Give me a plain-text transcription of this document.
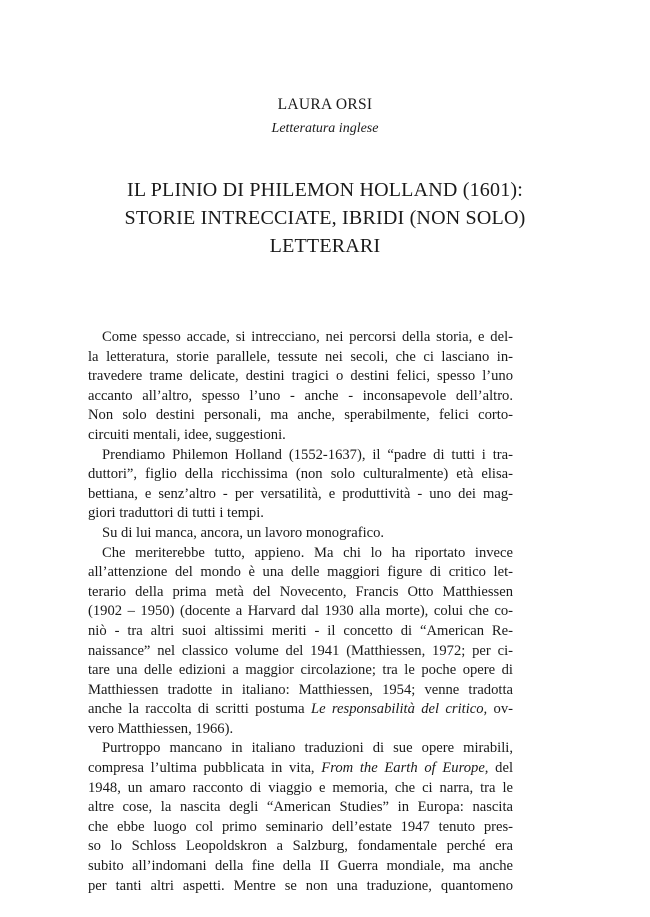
LAURA ORSI
Letteratura inglese
IL PLINIO DI PHILEMON HOLLAND (1601):
STORIE INTRECCIATE, IBRIDI (NON SOLO)
LETTERARI
Come spesso accade, si intrecciano, nei percorsi della storia, e del-
la letteratura, storie parallele, tessute nei secoli, che ci lasciano in-
travedere trame delicate, destini tragici o destini felici, spesso l’uno
accanto all’altro, spesso l’uno - anche - inconsapevole dell’altro.
Non solo destini personali, ma anche, sperabilmente, felici corto-
circuiti mentali, idee, suggestioni.
Prendiamo Philemon Holland (1552-1637), il “padre di tutti i tra-
duttori”, figlio della ricchissima (non solo culturalmente) età elisa-
bettiana, e senz’altro - per versatilità, e produttività - uno dei mag-
giori traduttori di tutti i tempi.
Su di lui manca, ancora, un lavoro monografico.
Che meriterebbe tutto, appieno. Ma chi lo ha riportato invece
all’attenzione del mondo è una delle maggiori figure di critico let-
terario della prima metà del Novecento, Francis Otto Matthiessen
(1902 – 1950) (docente a Harvard dal 1930 alla morte), colui che co-
niò - tra altri suoi altissimi meriti - il concetto di “American Re-
naissance” nel classico volume del 1941 (Matthiessen, 1972; per ci-
tare una delle edizioni a maggior circolazione; tra le poche opere di
Matthiessen tradotte in italiano: Matthiessen, 1954; venne tradotta
anche la raccolta di scritti postuma Le responsabilità del critico, ov-
vero Matthiessen, 1966).
Purtroppo mancano in italiano traduzioni di sue opere mirabili,
compresa l’ultima pubblicata in vita, From the Earth of Europe, del
1948, un amaro racconto di viaggio e memoria, che ci narra, tra le
altre cose, la nascita degli “American Studies” in Europa: nascita
che ebbe luogo col primo seminario dell’estate 1947 tenuto pres-
so lo Schloss Leopoldskron a Salzburg, fondamentale perché era
subito all’indomani della fine della II Guerra mondiale, ma anche
per tanti altri aspetti. Mentre se non una traduzione, quantomeno
